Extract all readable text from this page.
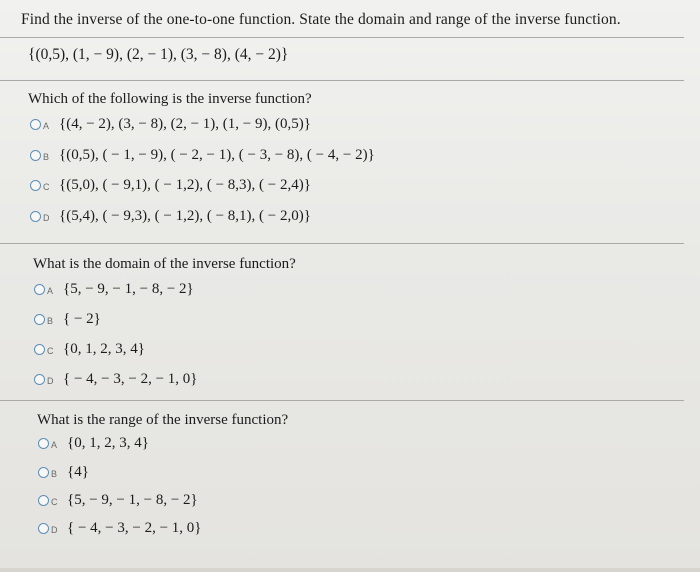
Find the inverse of the one-to-one function. State the domain and range of the inverse function.
{(0,5), (1, − 9), (2, − 1), (3, − 8), (4, − 2)}
Which of the following is the inverse function?
A {(4, − 2), (3, − 8), (2, − 1), (1, − 9), (0,5)}
B {(0,5), ( − 1, − 9), ( − 2, − 1), ( − 3, − 8), ( − 4, − 2)}
C {(5,0), ( − 9,1), ( − 1,2), ( − 8,3), ( − 2,4)}
D {(5,4), ( − 9,3), ( − 1,2), ( − 8,1), ( − 2,0)}
What is the domain of the inverse function?
A {5, − 9, − 1, − 8, − 2}
B { − 2}
C {0, 1, 2, 3, 4}
D { − 4, − 3, − 2, − 1, 0}
What is the range of the inverse function?
A {0, 1, 2, 3, 4}
B {4}
C {5, − 9, − 1, − 8, − 2}
D { − 4, − 3, − 2, − 1, 0}
